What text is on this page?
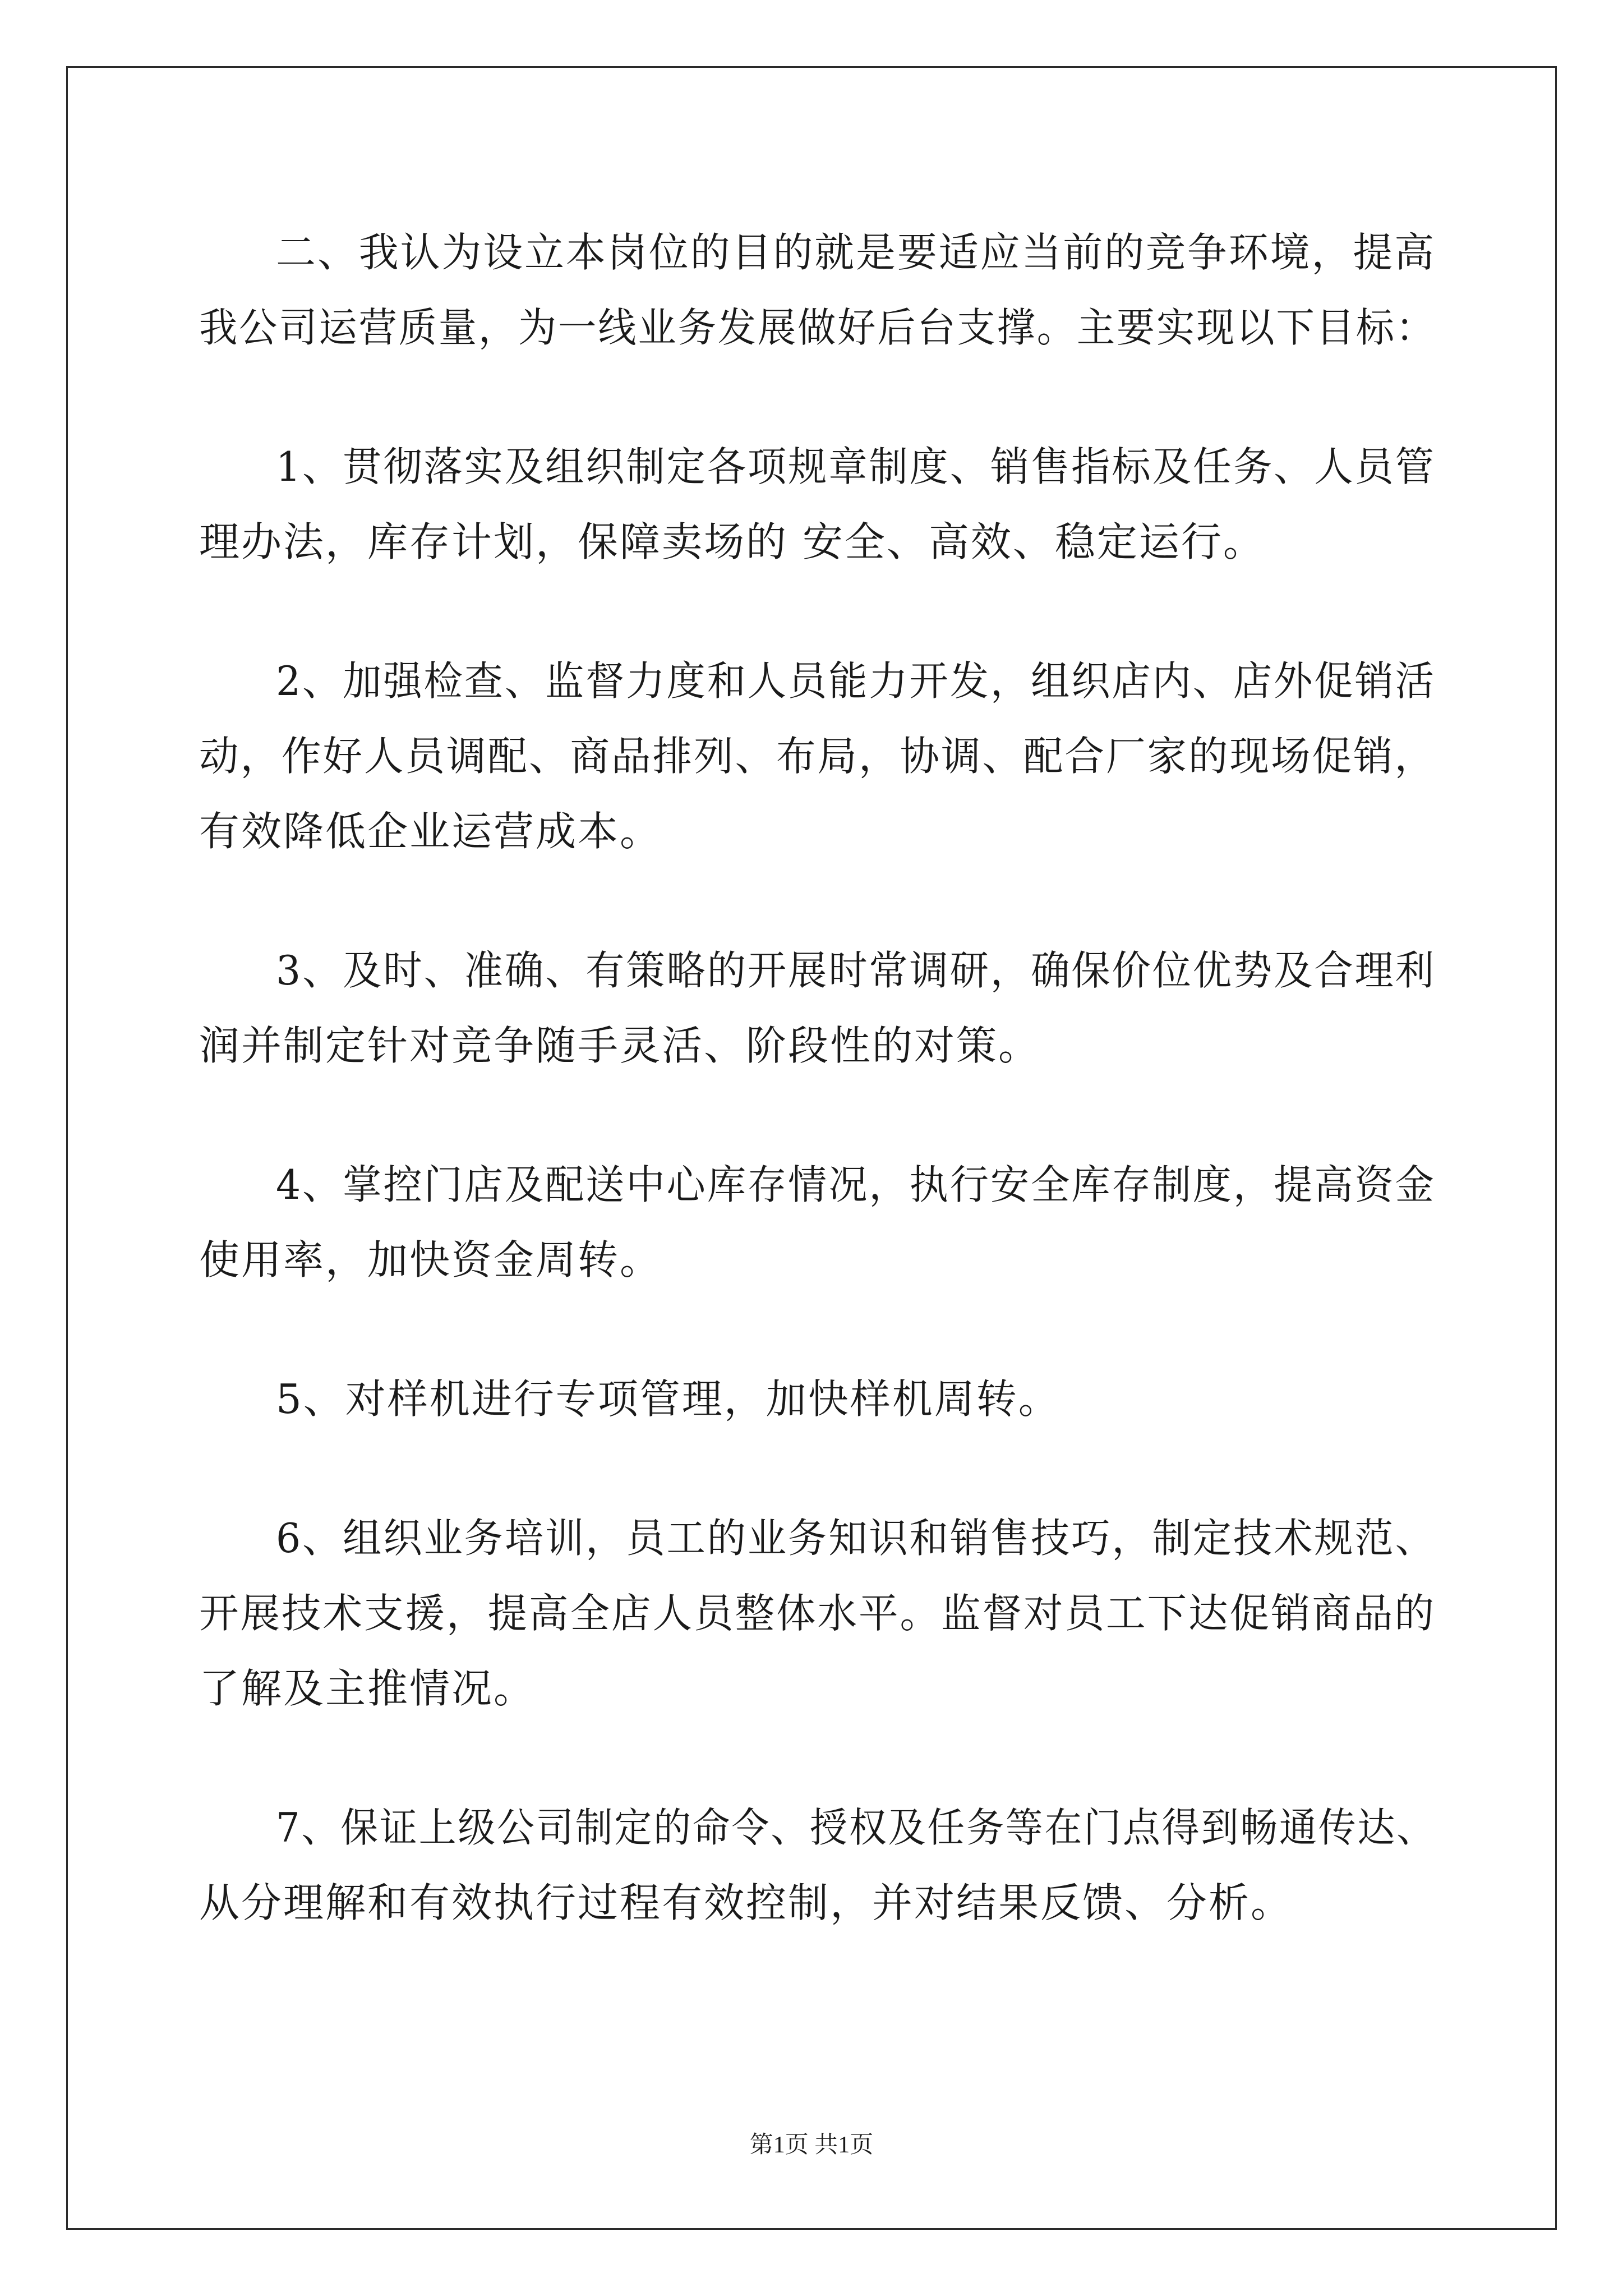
二、我认为设立本岗位的目的就是要适应当前的竞争环境，提高

我公司运营质量，为一线业务发展做好后台支撑。主要实现以下目标：

1、贯彻落实及组织制定各项规章制度、销售指标及任务、人员管

理办法，库存计划，保障卖场的 安全、高效、稳定运行。

2、加强检查、监督力度和人员能力开发，组织店内、店外促销活

动，作好人员调配、商品排列、布局，协调、配合厂家的现场促销，

有效降低企业运营成本。

3、及时、准确、有策略的开展时常调研，确保价位优势及合理利

润并制定针对竞争随手灵活、阶段性的对策。

4、掌控门店及配送中心库存情况，执行安全库存制度，提高资金

使用率，加快资金周转。

5、对样机进行专项管理，加快样机周转。

6、组织业务培训，员工的业务知识和销售技巧，制定技术规范、

开展技术支援，提高全店人员整体水平。监督对员工下达促销商品的

了解及主推情况。

7、保证上级公司制定的命令、授权及任务等在门点得到畅通传达、

从分理解和有效执行过程有效控制，并对结果反馈、分析。

第1页 共1页
